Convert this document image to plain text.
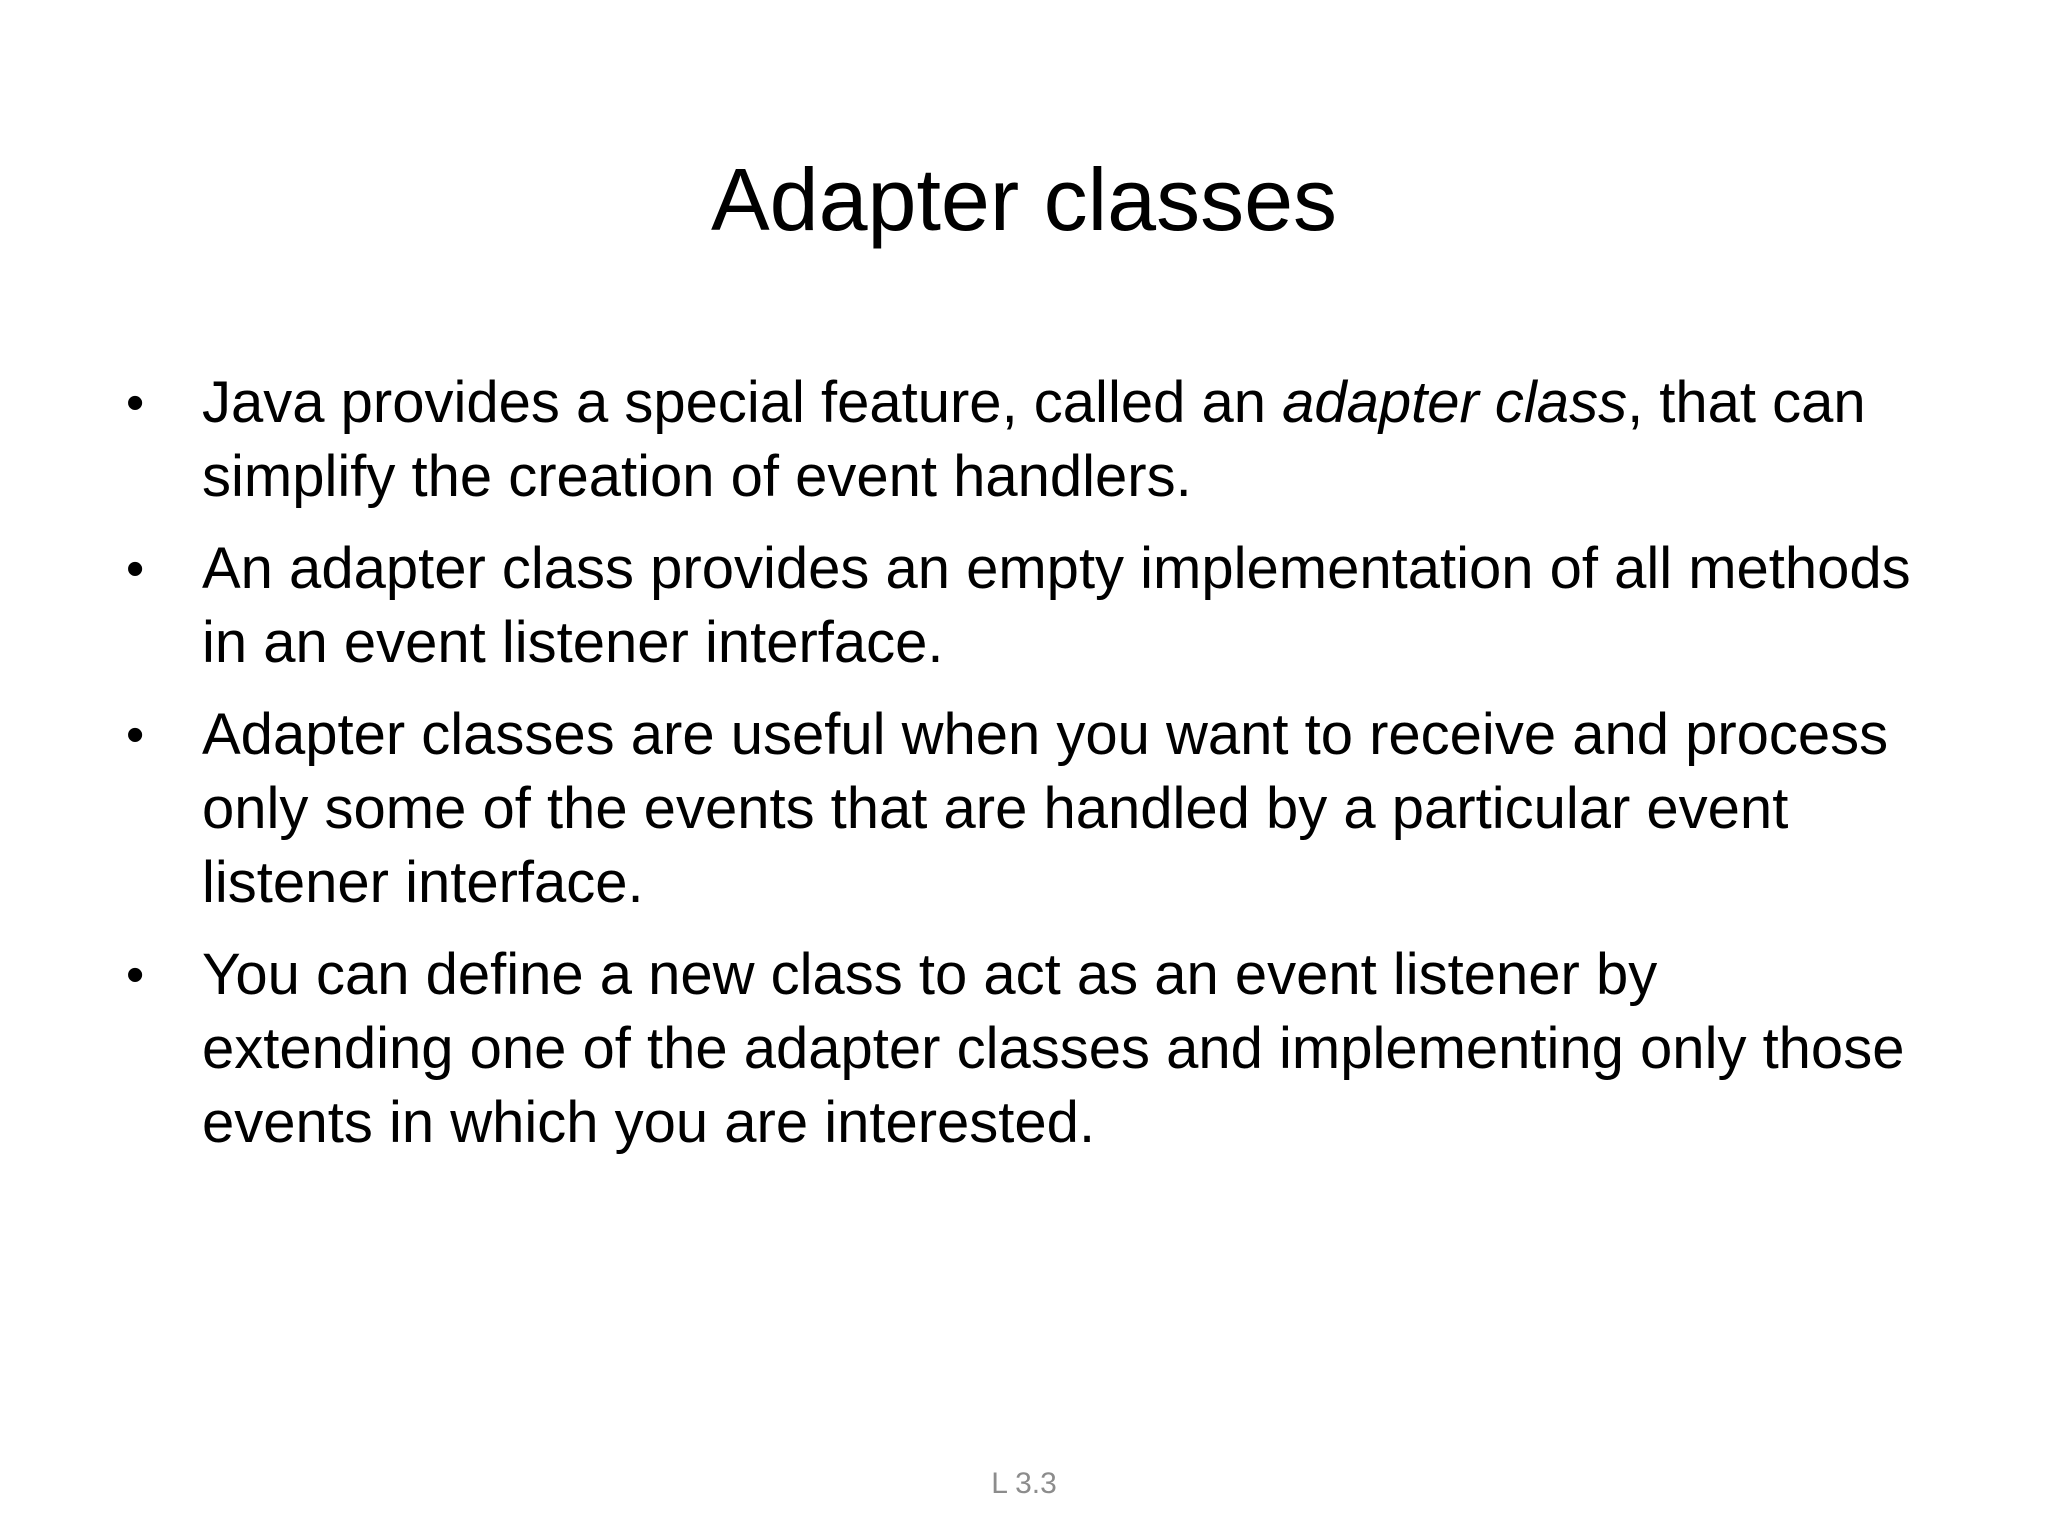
Adapter classes
• Java provides a special feature, called an adapter class, that can simplify the creation of event handlers.
• An adapter class provides an empty implementation of all methods in an event listener interface.
• Adapter classes are useful when you want to receive and process only some of the events that are handled by a particular event listener interface.
• You can define a new class to act as an event listener by extending one of the adapter classes and implementing only those events in which you are interested.
L 3.3
